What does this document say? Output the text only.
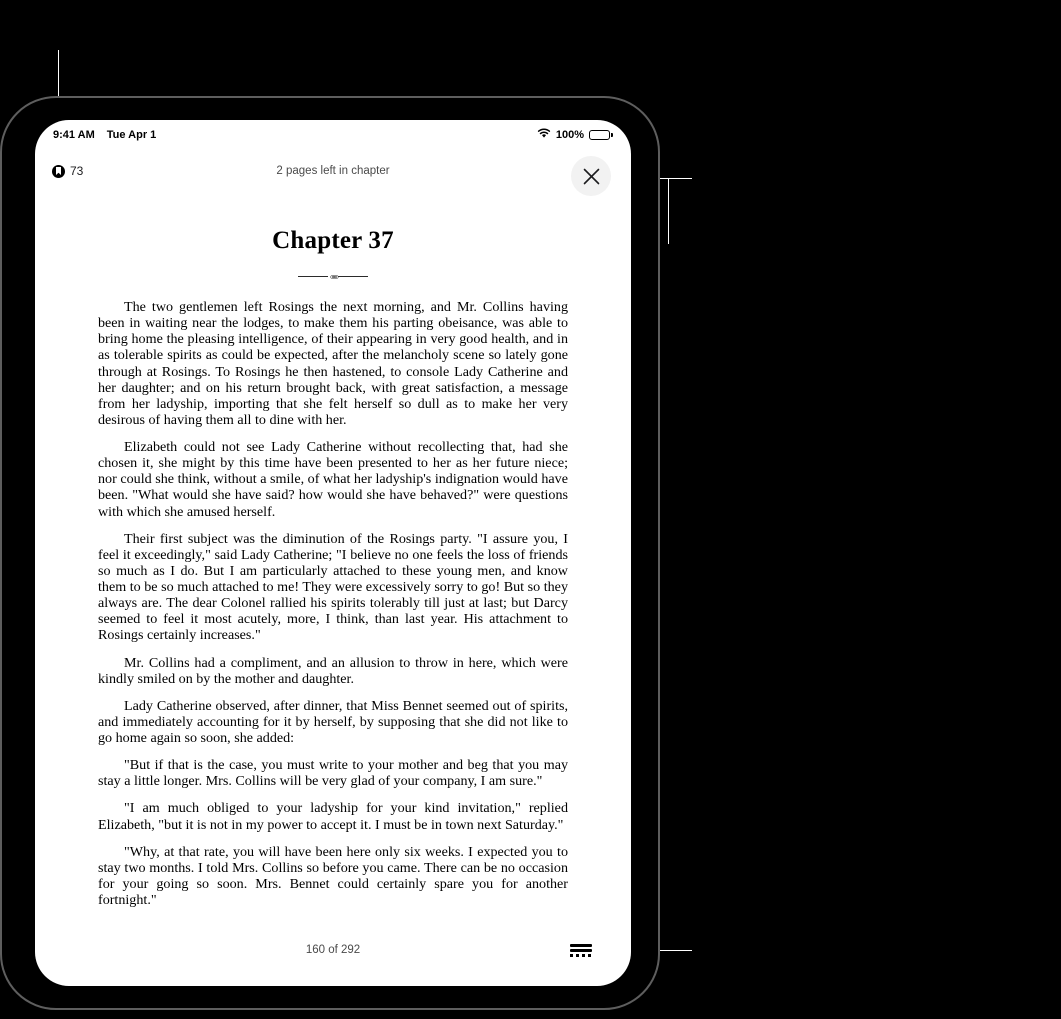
9:41 AM Tue Apr 1	100%
73	2 pages left in chapter
Chapter 37
◦◦◦◦

The two gentlemen left Rosings the next morning, and Mr. Collins having been in waiting near the lodges, to make them his parting obeisance, was able to bring home the pleasing intelligence, of their appearing in very good health, and in as tolerable spirits as could be expected, after the melancholy scene so lately gone through at Rosings. To Rosings he then hastened, to console Lady Catherine and her daughter; and on his return brought back, with great satisfaction, a message from her ladyship, importing that she felt herself so dull as to make her very desirous of having them all to dine with her.

Elizabeth could not see Lady Catherine without recollecting that, had she chosen it, she might by this time have been presented to her as her future niece; nor could she think, without a smile, of what her ladyship's indignation would have been. "What would she have said? how would she have behaved?" were questions with which she amused herself.

Their first subject was the diminution of the Rosings party. "I assure you, I feel it exceedingly," said Lady Catherine; "I believe no one feels the loss of friends so much as I do. But I am particularly attached to these young men, and know them to be so much attached to me! They were excessively sorry to go! But so they always are. The dear Colonel rallied his spirits tolerably till just at last; but Darcy seemed to feel it most acutely, more, I think, than last year. His attachment to Rosings certainly increases."

Mr. Collins had a compliment, and an allusion to throw in here, which were kindly smiled on by the mother and daughter.

Lady Catherine observed, after dinner, that Miss Bennet seemed out of spirits, and immediately accounting for it by herself, by supposing that she did not like to go home again so soon, she added:

"But if that is the case, you must write to your mother and beg that you may stay a little longer. Mrs. Collins will be very glad of your company, I am sure."

"I am much obliged to your ladyship for your kind invitation," replied Elizabeth, "but it is not in my power to accept it. I must be in town next Saturday."

"Why, at that rate, you will have been here only six weeks. I expected you to stay two months. I told Mrs. Collins so before you came. There can be no occasion for your going so soon. Mrs. Bennet could certainly spare you for another fortnight."

160 of 292
